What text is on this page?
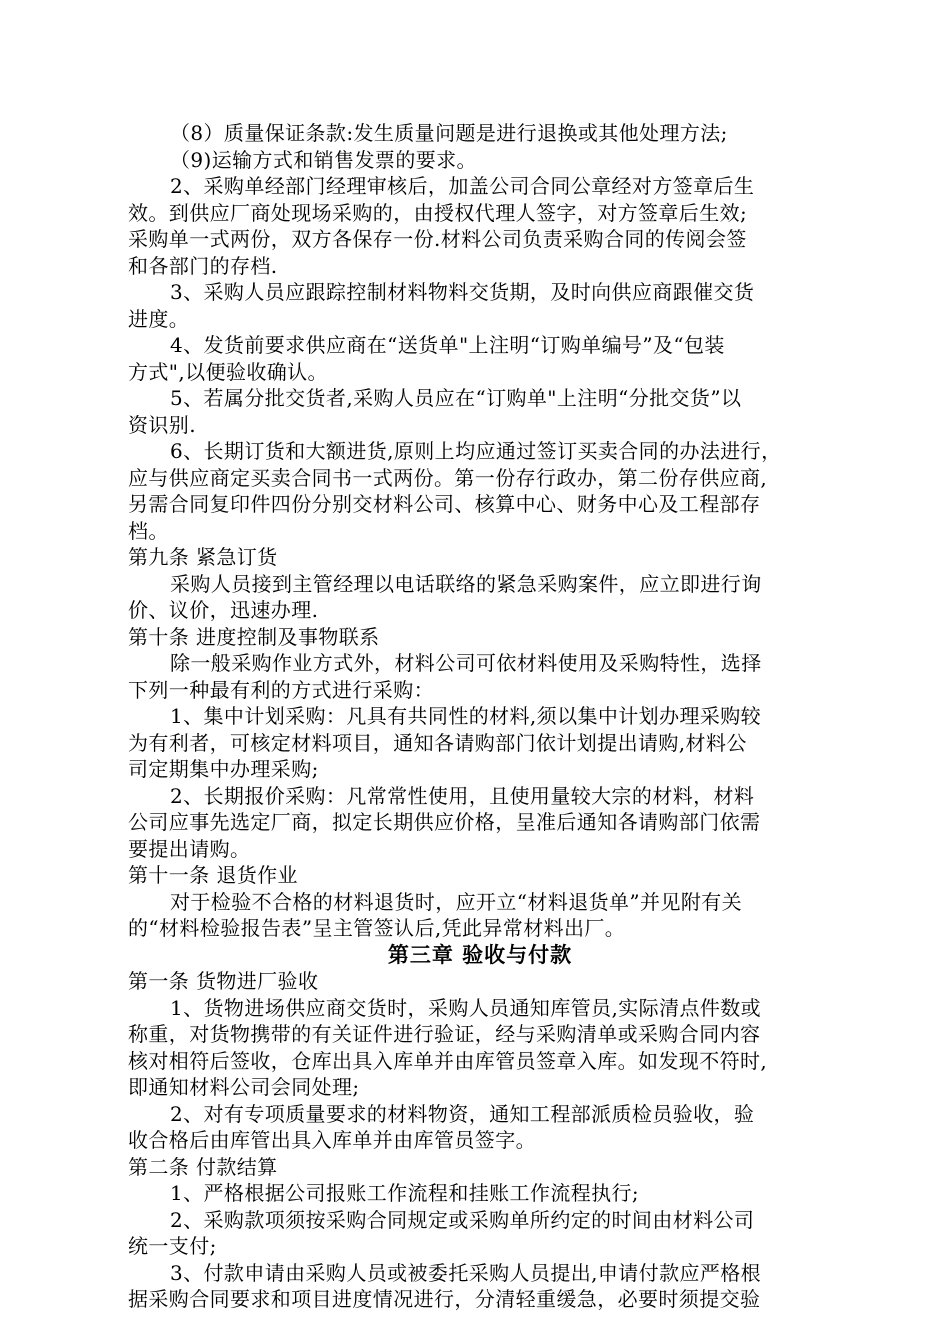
（8）质量保证条款:发生质量问题是进行退换或其他处理方法;
（9)运输方式和销售发票的要求。
2、采购单经部门经理审核后，加盖公司合同公章经对方签章后生
效。到供应厂商处现场采购的，由授权代理人签字，对方签章后生效;
采购单一式两份，双方各保存一份.材料公司负责采购合同的传阅会签
和各部门的存档.
3、采购人员应跟踪控制材料物料交货期，及时向供应商跟催交货
进度。
4、发货前要求供应商在“送货单"上注明“订购单编号”及“包装
方式",以便验收确认。
5、若属分批交货者,采购人员应在“订购单"上注明“分批交货”以
资识别.
6、长期订货和大额进货,原则上均应通过签订买卖合同的办法进行，
应与供应商定买卖合同书一式两份。第一份存行政办，第二份存供应商,
另需合同复印件四份分别交材料公司、核算中心、财务中心及工程部存
档。
第九条 紧急订货
采购人员接到主管经理以电话联络的紧急采购案件，应立即进行询
价、议价，迅速办理.
第十条 进度控制及事物联系
除一般采购作业方式外，材料公司可依材料使用及采购特性，选择
下列一种最有利的方式进行采购：
1、集中计划采购：凡具有共同性的材料,须以集中计划办理采购较
为有利者，可核定材料项目，通知各请购部门依计划提出请购,材料公
司定期集中办理采购;
2、长期报价采购：凡常常性使用，且使用量较大宗的材料，材料
公司应事先选定厂商，拟定长期供应价格，呈准后通知各请购部门依需
要提出请购。
第十一条 退货作业
对于检验不合格的材料退货时，应开立“材料退货单”并见附有关
的“材料检验报告表”呈主管签认后,凭此异常材料出厂。
第三章 验收与付款
第一条 货物进厂验收
1、货物进场供应商交货时，采购人员通知库管员,实际清点件数或
称重，对货物携带的有关证件进行验证，经与采购清单或采购合同内容
核对相符后签收，仓库出具入库单并由库管员签章入库。如发现不符时,
即通知材料公司会同处理;
2、对有专项质量要求的材料物资，通知工程部派质检员验收，验
收合格后由库管出具入库单并由库管员签字。
第二条 付款结算
1、严格根据公司报账工作流程和挂账工作流程执行;
2、采购款项须按采购合同规定或采购单所约定的时间由材料公司
统一支付;
3、付款申请由采购人员或被委托采购人员提出,申请付款应严格根
据采购合同要求和项目进度情况进行，分清轻重缓急，必要时须提交验
